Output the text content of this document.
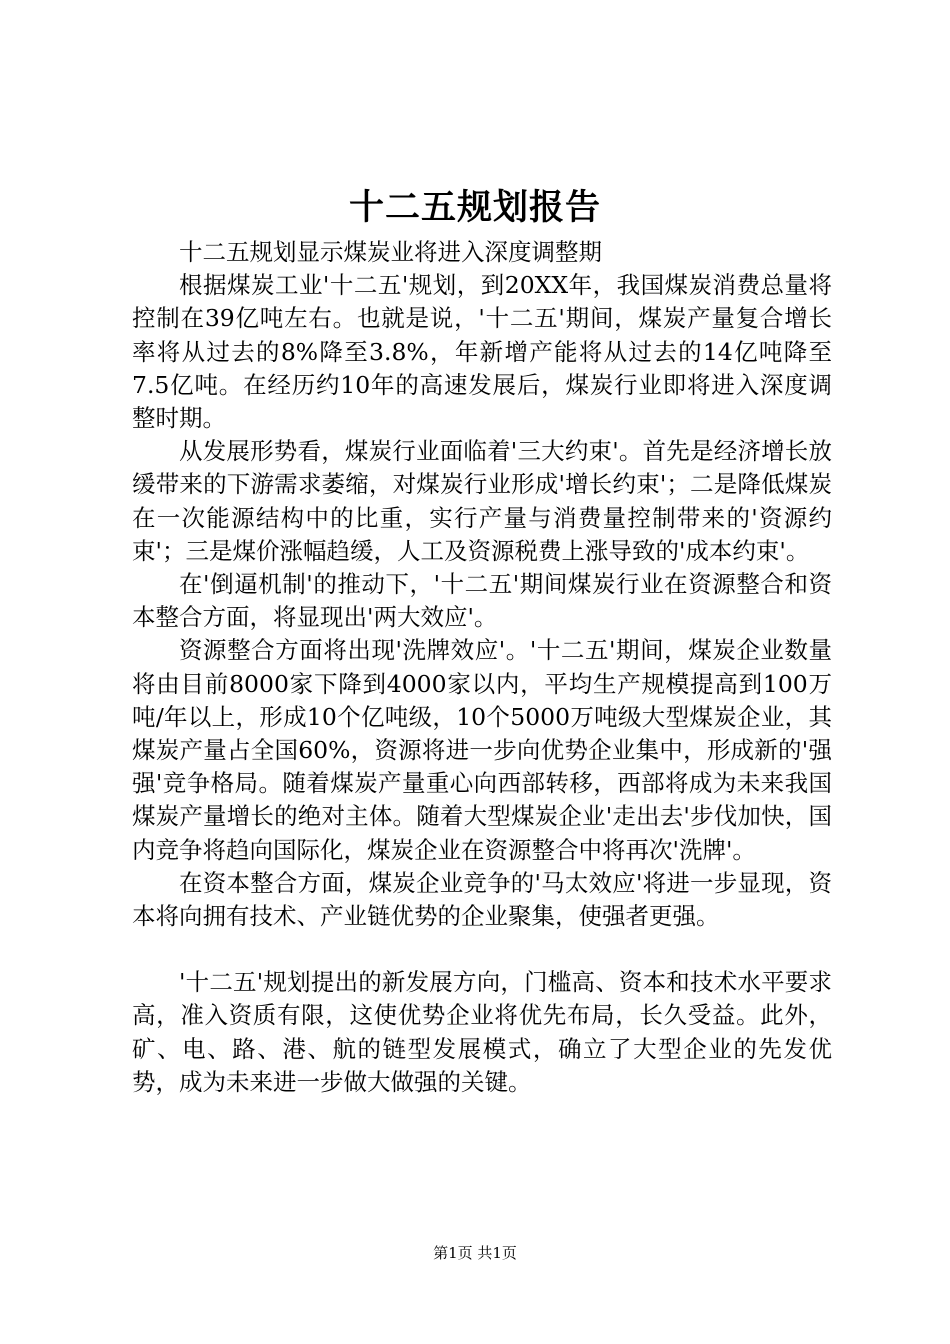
十二五规划报告

十二五规划显示煤炭业将进入深度调整期

根据煤炭工业'十二五'规划，到20XX年，我国煤炭消费总量将控制在39亿吨左右。也就是说，'十二五'期间，煤炭产量复合增长率将从过去的8%降至3.8%，年新增产能将从过去的14亿吨降至7.5亿吨。在经历约10年的高速发展后，煤炭行业即将进入深度调整时期。

从发展形势看，煤炭行业面临着'三大约束'。首先是经济增长放缓带来的下游需求萎缩，对煤炭行业形成'增长约束'；二是降低煤炭在一次能源结构中的比重，实行产量与消费量控制带来的'资源约束'；三是煤价涨幅趋缓，人工及资源税费上涨导致的'成本约束'。

在'倒逼机制'的推动下，'十二五'期间煤炭行业在资源整合和资本整合方面，将显现出'两大效应'。

资源整合方面将出现'洗牌效应'。'十二五'期间，煤炭企业数量将由目前8000家下降到4000家以内，平均生产规模提高到100万吨/年以上，形成10个亿吨级，10个5000万吨级大型煤炭企业，其煤炭产量占全国60%，资源将进一步向优势企业集中，形成新的'强强'竞争格局。随着煤炭产量重心向西部转移，西部将成为未来我国煤炭产量增长的绝对主体。随着大型煤炭企业'走出去'步伐加快，国内竞争将趋向国际化，煤炭企业在资源整合中将再次'洗牌'。

在资本整合方面，煤炭企业竞争的'马太效应'将进一步显现，资本将向拥有技术、产业链优势的企业聚集，使强者更强。

'十二五'规划提出的新发展方向，门槛高、资本和技术水平要求高，准入资质有限，这使优势企业将优先布局，长久受益。此外，矿、电、路、港、航的链型发展模式，确立了大型企业的先发优势，成为未来进一步做大做强的关键。

第1页 共1页
